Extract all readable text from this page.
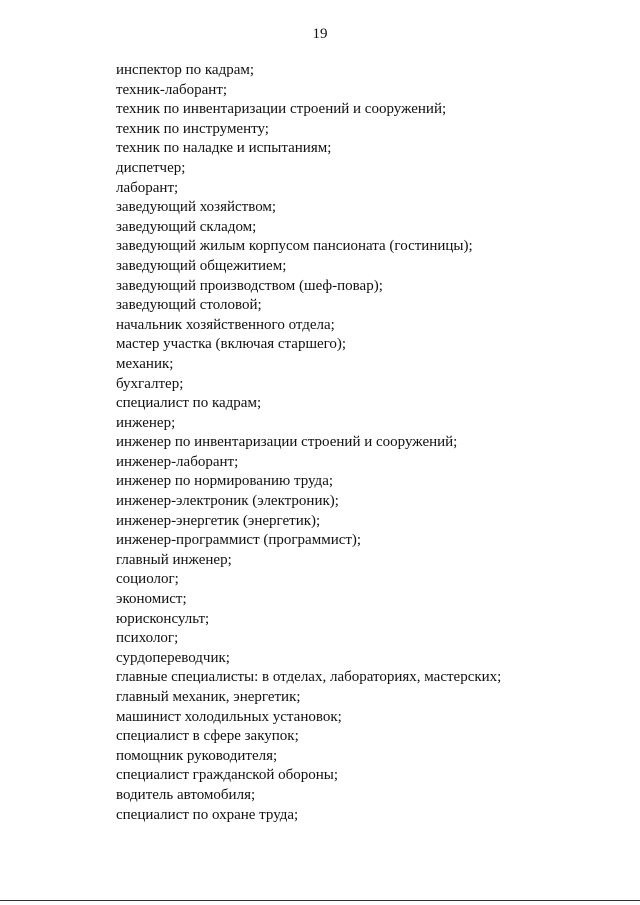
19
инспектор по кадрам;
техник-лаборант;
техник по инвентаризации строений и сооружений;
техник по инструменту;
техник по наладке и испытаниям;
диспетчер;
лаборант;
заведующий хозяйством;
заведующий складом;
заведующий жилым корпусом пансионата (гостиницы);
заведующий общежитием;
заведующий производством (шеф-повар);
заведующий столовой;
начальник хозяйственного отдела;
мастер участка (включая старшего);
механик;
бухгалтер;
специалист по кадрам;
инженер;
инженер по инвентаризации строений и сооружений;
инженер-лаборант;
инженер по нормированию труда;
инженер-электроник (электроник);
инженер-энергетик (энергетик);
инженер-программист (программист);
главный инженер;
социолог;
экономист;
юрисконсульт;
психолог;
сурдопереводчик;
главные специалисты: в отделах, лабораториях, мастерских;
главный механик, энергетик;
машинист холодильных установок;
специалист в сфере закупок;
помощник руководителя;
специалист гражданской обороны;
водитель автомобиля;
специалист по охране труда;
